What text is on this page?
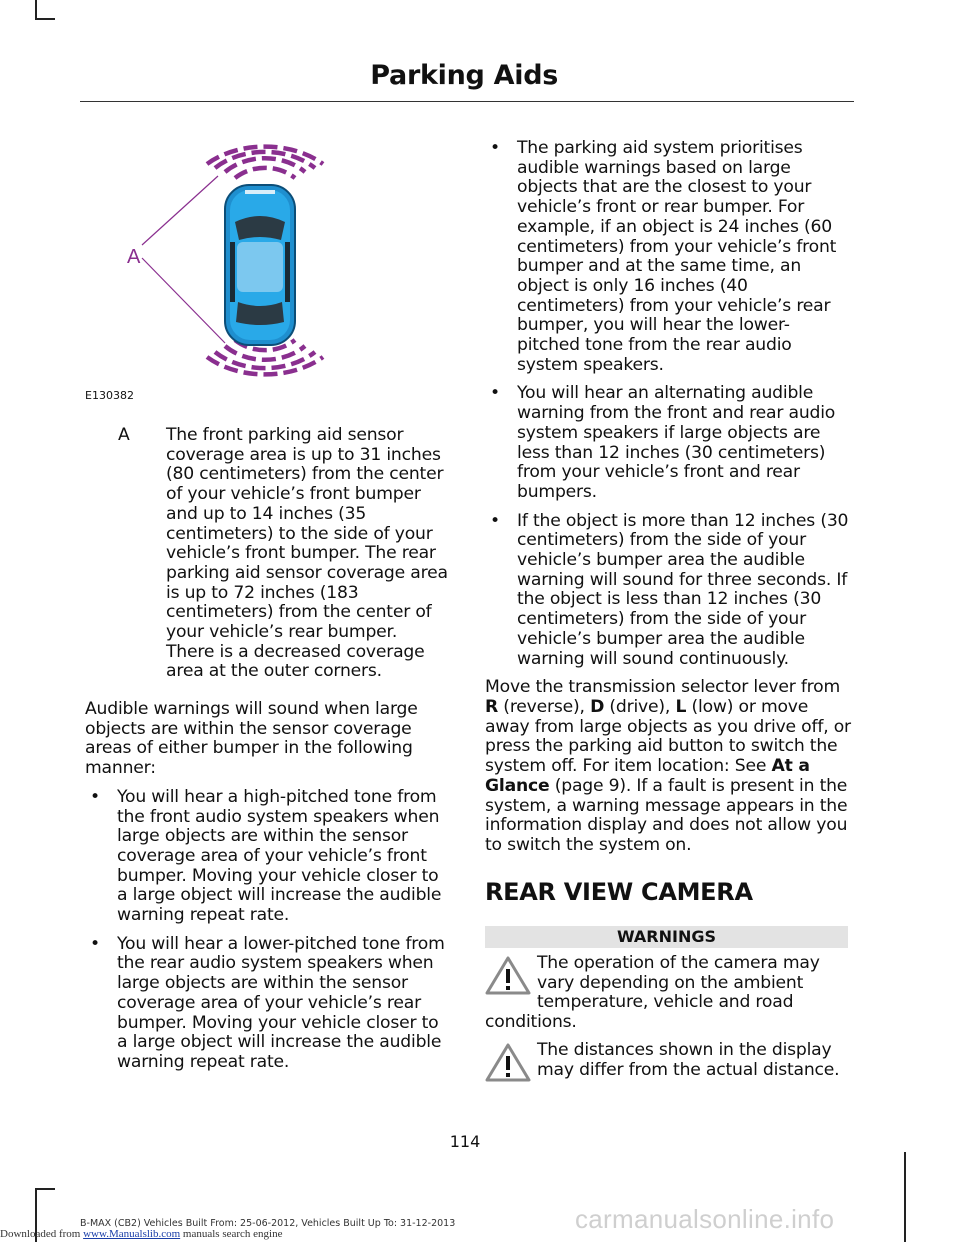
Parking Aids
A
E130382
A The front parking aid sensor coverage area is up to 31 inches (80 centimeters) from the center of your vehicle’s front bumper and up to 14 inches (35 centimeters) to the side of your vehicle’s front bumper. The rear parking aid sensor coverage area is up to 72 inches (183 centimeters) from the center of your vehicle’s rear bumper. There is a decreased coverage area at the outer corners.

Audible warnings will sound when large objects are within the sensor coverage areas of either bumper in the following manner:

• You will hear a high-pitched tone from the front audio system speakers when large objects are within the sensor coverage area of your vehicle’s front bumper. Moving your vehicle closer to a large object will increase the audible warning repeat rate.

• You will hear a lower-pitched tone from the rear audio system speakers when large objects are within the sensor coverage area of your vehicle’s rear bumper. Moving your vehicle closer to a large object will increase the audible warning repeat rate.

• The parking aid system prioritises audible warnings based on large objects that are the closest to your vehicle’s front or rear bumper. For example, if an object is 24 inches (60 centimeters) from your vehicle’s front bumper and at the same time, an object is only 16 inches (40 centimeters) from your vehicle’s rear bumper, you will hear the lower-pitched tone from the rear audio system speakers.

• You will hear an alternating audible warning from the front and rear audio system speakers if large objects are less than 12 inches (30 centimeters) from your vehicle’s front and rear bumpers.

• If the object is more than 12 inches (30 centimeters) from the side of your vehicle’s bumper area the audible warning will sound for three seconds. If the object is less than 12 inches (30 centimeters) from the side of your vehicle’s bumper area the audible warning will sound continuously.

Move the transmission selector lever from R (reverse), D (drive), L (low) or move away from large objects as you drive off, or press the parking aid button to switch the system off. For item location: See At a Glance (page 9). If a fault is present in the system, a warning message appears in the information display and does not allow you to switch the system on.

REAR VIEW CAMERA
WARNINGS
The operation of the camera may vary depending on the ambient temperature, vehicle and road
conditions.
The distances shown in the display may differ from the actual distance.
114
carmanualsonline.info
B-MAX (CB2) Vehicles Built From: 25-06-2012, Vehicles Built Up To: 31-12-2013
Downloaded from www.Manualslib.com manuals search engine
